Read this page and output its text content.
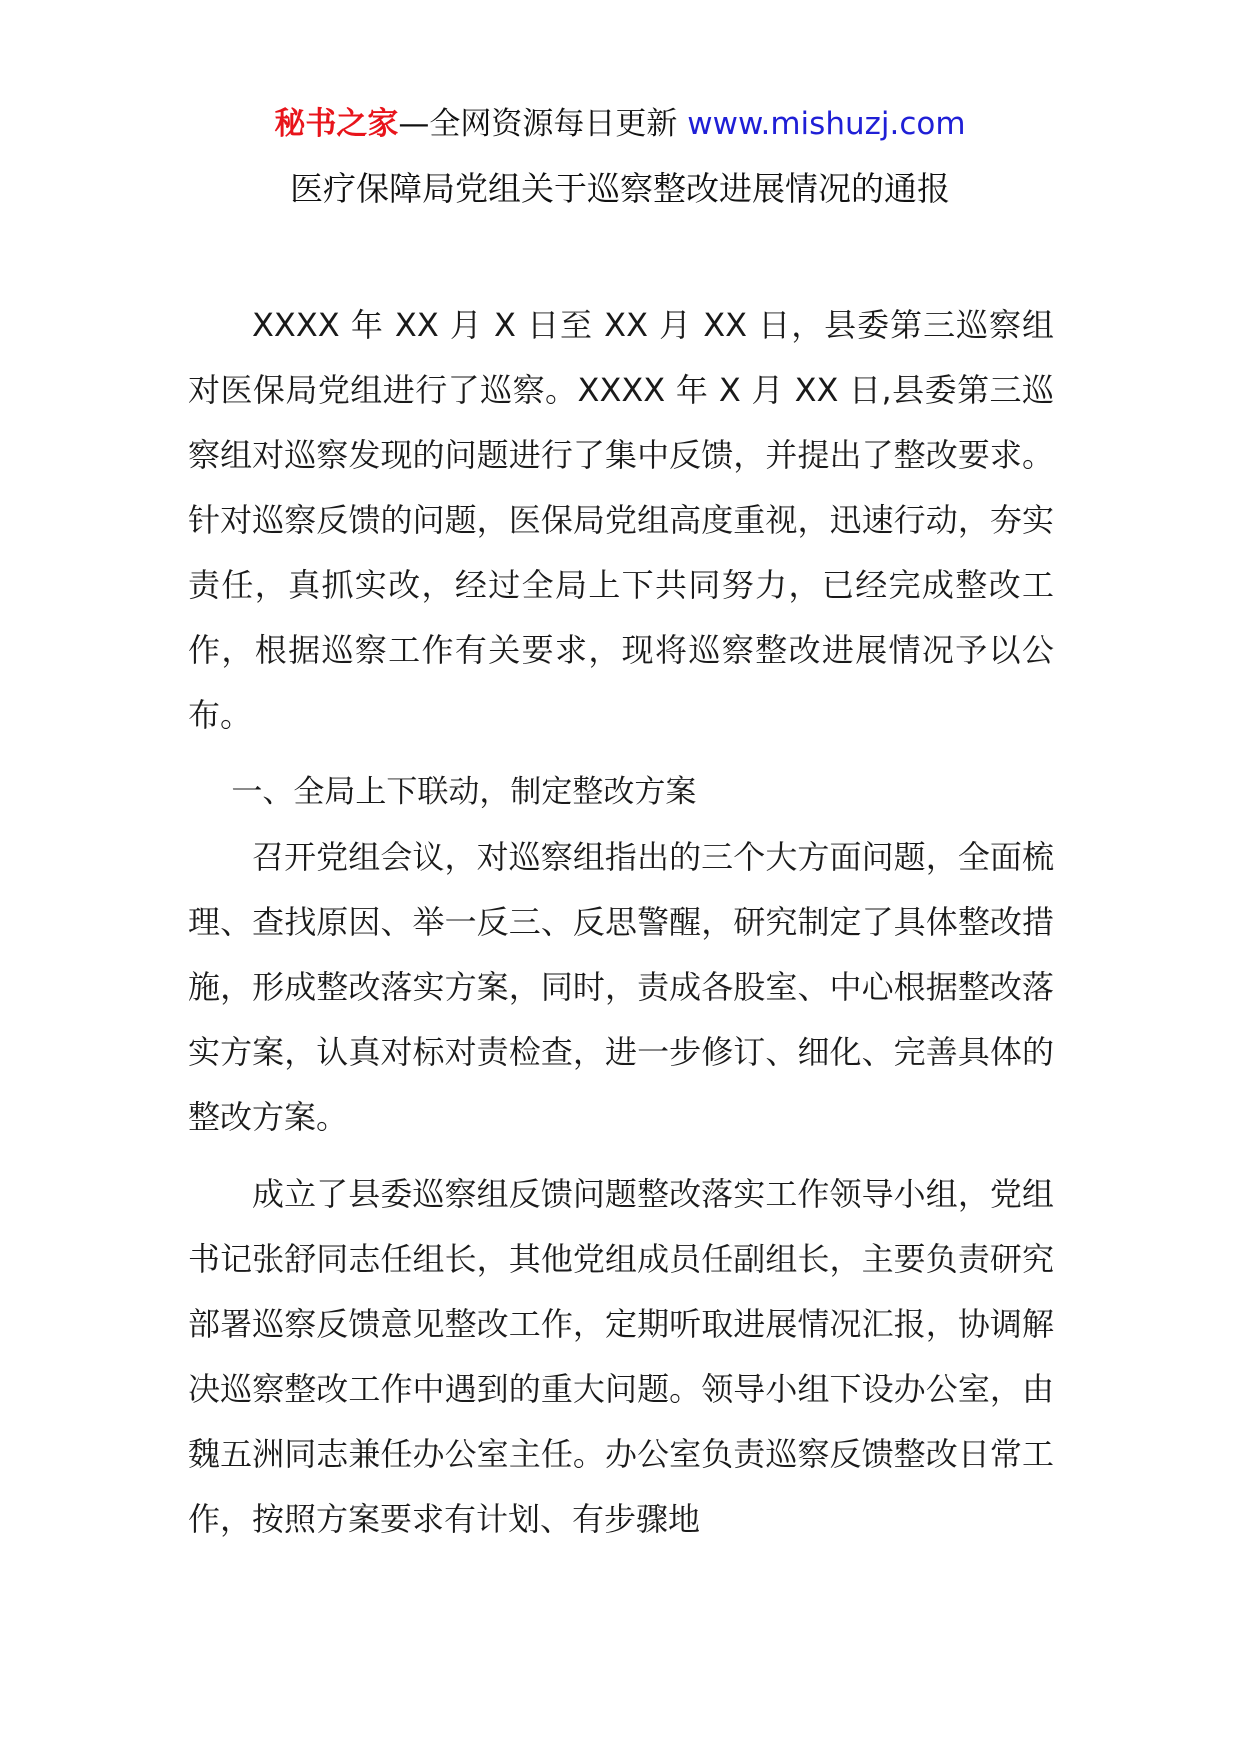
秘书之家—全网资源每日更新 www.mishuzj.com
医疗保障局党组关于巡察整改进展情况的通报

XXXX 年 XX 月 X 日至 XX 月 XX 日，县委第三巡察组对医保局党组进行了巡察。XXXX 年 X 月 XX 日,县委第三巡察组对巡察发现的问题进行了集中反馈，并提出了整改要求。针对巡察反馈的问题，医保局党组高度重视，迅速行动，夯实责任，真抓实改，经过全局上下共同努力，已经完成整改工作，根据巡察工作有关要求，现将巡察整改进展情况予以公布。

一、全局上下联动，制定整改方案

召开党组会议，对巡察组指出的三个大方面问题，全面梳理、查找原因、举一反三、反思警醒，研究制定了具体整改措施，形成整改落实方案，同时，责成各股室、中心根据整改落实方案，认真对标对责检查，进一步修订、细化、完善具体的整改方案。

成立了县委巡察组反馈问题整改落实工作领导小组，党组书记张舒同志任组长，其他党组成员任副组长，主要负责研究部署巡察反馈意见整改工作，定期听取进展情况汇报，协调解决巡察整改工作中遇到的重大问题。领导小组下设办公室，由魏五洲同志兼任办公室主任。办公室负责巡察反馈整改日常工作，按照方案要求有计划、有步骤地
